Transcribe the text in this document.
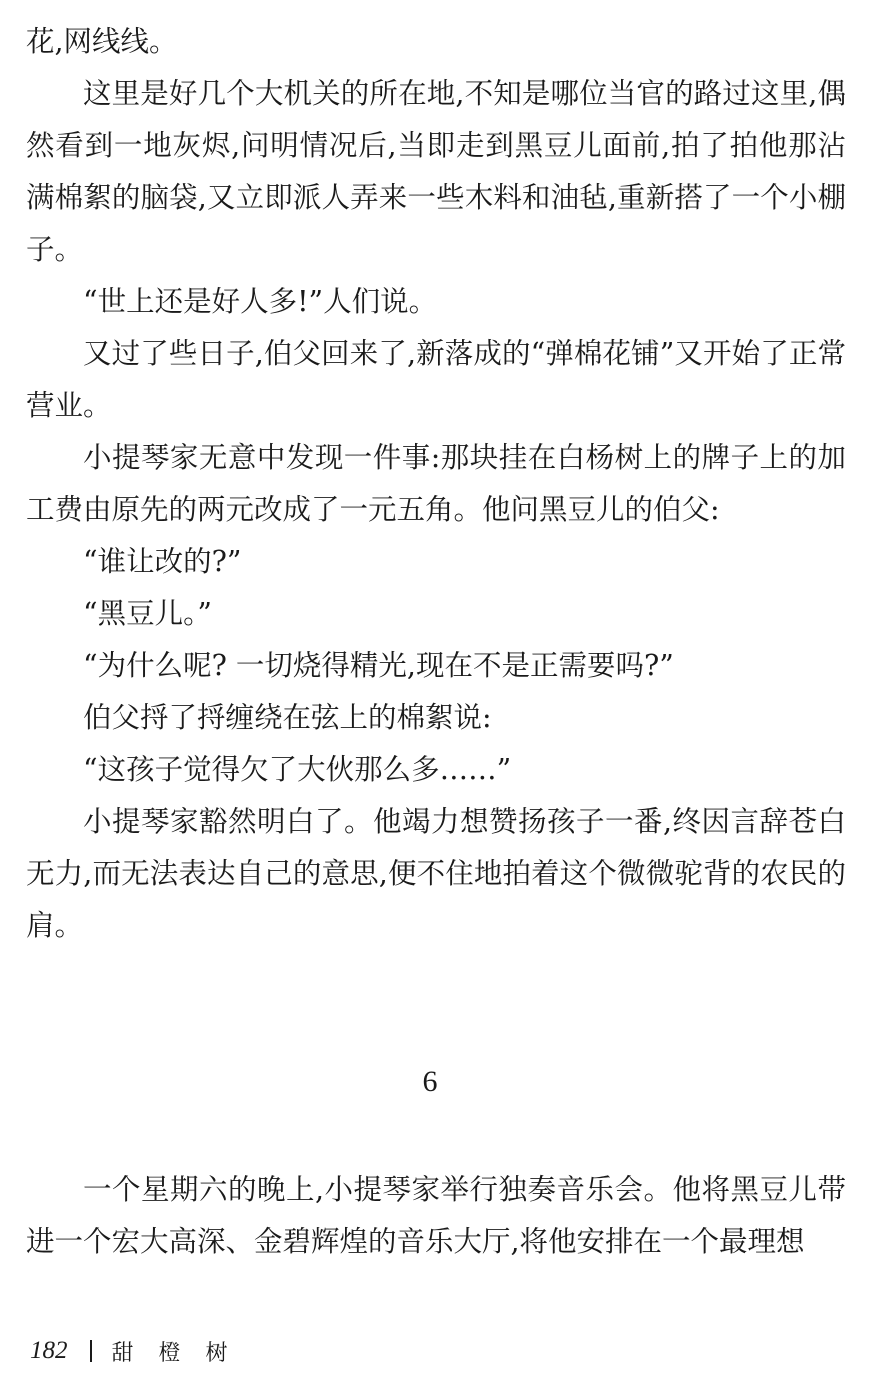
花,网线线。

这里是好几个大机关的所在地,不知是哪位当官的路过这里,偶然看到一地灰烬,问明情况后,当即走到黑豆儿面前,拍了拍他那沾满棉絮的脑袋,又立即派人弄来一些木料和油毡,重新搭了一个小棚子。

“世上还是好人多!”人们说。

又过了些日子,伯父回来了,新落成的“弹棉花铺”又开始了正常营业。

小提琴家无意中发现一件事:那块挂在白杨树上的牌子上的加工费由原先的两元改成了一元五角。他问黑豆儿的伯父:

“谁让改的?”

“黑豆儿。”

“为什么呢? 一切烧得精光,现在不是正需要吗?”

伯父捋了捋缠绕在弦上的棉絮说:

“这孩子觉得欠了大伙那么多……”

小提琴家豁然明白了。他竭力想赞扬孩子一番,终因言辞苍白无力,而无法表达自己的意思,便不住地拍着这个微微驼背的农民的肩。

6

一个星期六的晚上,小提琴家举行独奏音乐会。他将黑豆儿带进一个宏大高深、金碧辉煌的音乐大厅,将他安排在一个最理想

182 甜 橙 树
